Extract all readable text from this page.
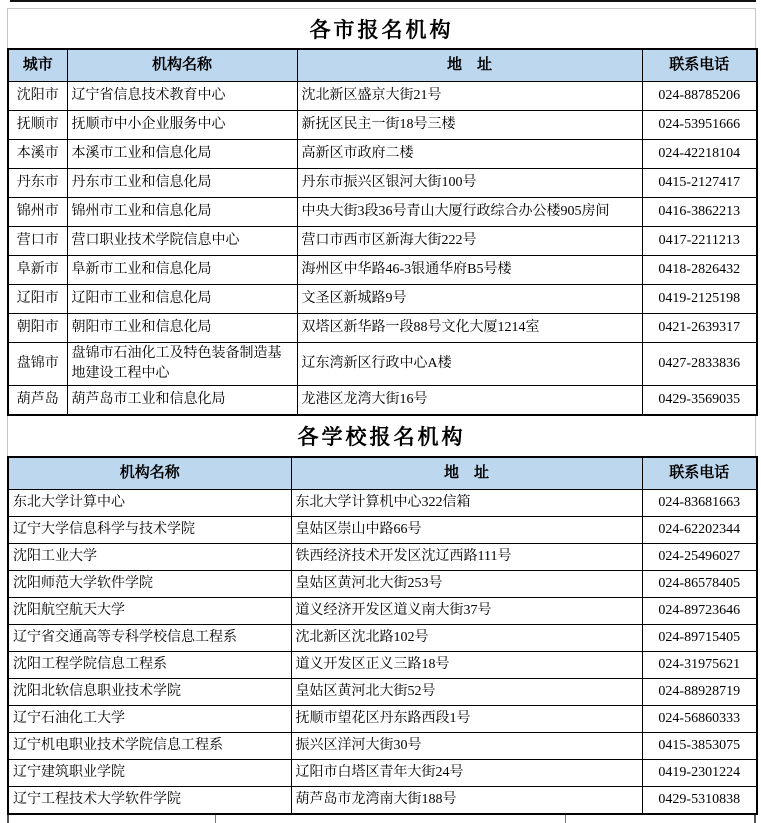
各市报名机构
城市	机构名称	地　址	联系电话
沈阳市	辽宁省信息技术教育中心	沈北新区盛京大街21号	024-88785206
抚顺市	抚顺市中小企业服务中心	新抚区民主一街18号三楼	024-53951666
本溪市	本溪市工业和信息化局	高新区市政府二楼	024-42218104
丹东市	丹东市工业和信息化局	丹东市振兴区银河大街100号	0415-2127417
锦州市	锦州市工业和信息化局	中央大街3段36号青山大厦行政综合办公楼905房间	0416-3862213
营口市	营口职业技术学院信息中心	营口市西市区新海大街222号	0417-2211213
阜新市	阜新市工业和信息化局	海州区中华路46-3银通华府B5号楼	0418-2826432
辽阳市	辽阳市工业和信息化局	文圣区新城路9号	0419-2125198
朝阳市	朝阳市工业和信息化局	双塔区新华路一段88号文化大厦1214室	0421-2639317
盘锦市	盘锦市石油化工及特色装备制造基地建设工程中心	辽东湾新区行政中心A楼	0427-2833836
葫芦岛	葫芦岛市工业和信息化局	龙港区龙湾大街16号	0429-3569035
各学校报名机构
机构名称	地　址	联系电话
东北大学计算中心	东北大学计算机中心322信箱	024-83681663
辽宁大学信息科学与技术学院	皇姑区崇山中路66号	024-62202344
沈阳工业大学	铁西经济技术开发区沈辽西路111号	024-25496027
沈阳师范大学软件学院	皇姑区黄河北大街253号	024-86578405
沈阳航空航天大学	道义经济开发区道义南大街37号	024-89723646
辽宁省交通高等专科学校信息工程系	沈北新区沈北路102号	024-89715405
沈阳工程学院信息工程系	道义开发区正义三路18号	024-31975621
沈阳北软信息职业技术学院	皇姑区黄河北大街52号	024-88928719
辽宁石油化工大学	抚顺市望花区丹东路西段1号	024-56860333
辽宁机电职业技术学院信息工程系	振兴区洋河大街30号	0415-3853075
辽宁建筑职业学院	辽阳市白塔区青年大街24号	0419-2301224
辽宁工程技术大学软件学院	葫芦岛市龙湾南大街188号	0429-5310838
